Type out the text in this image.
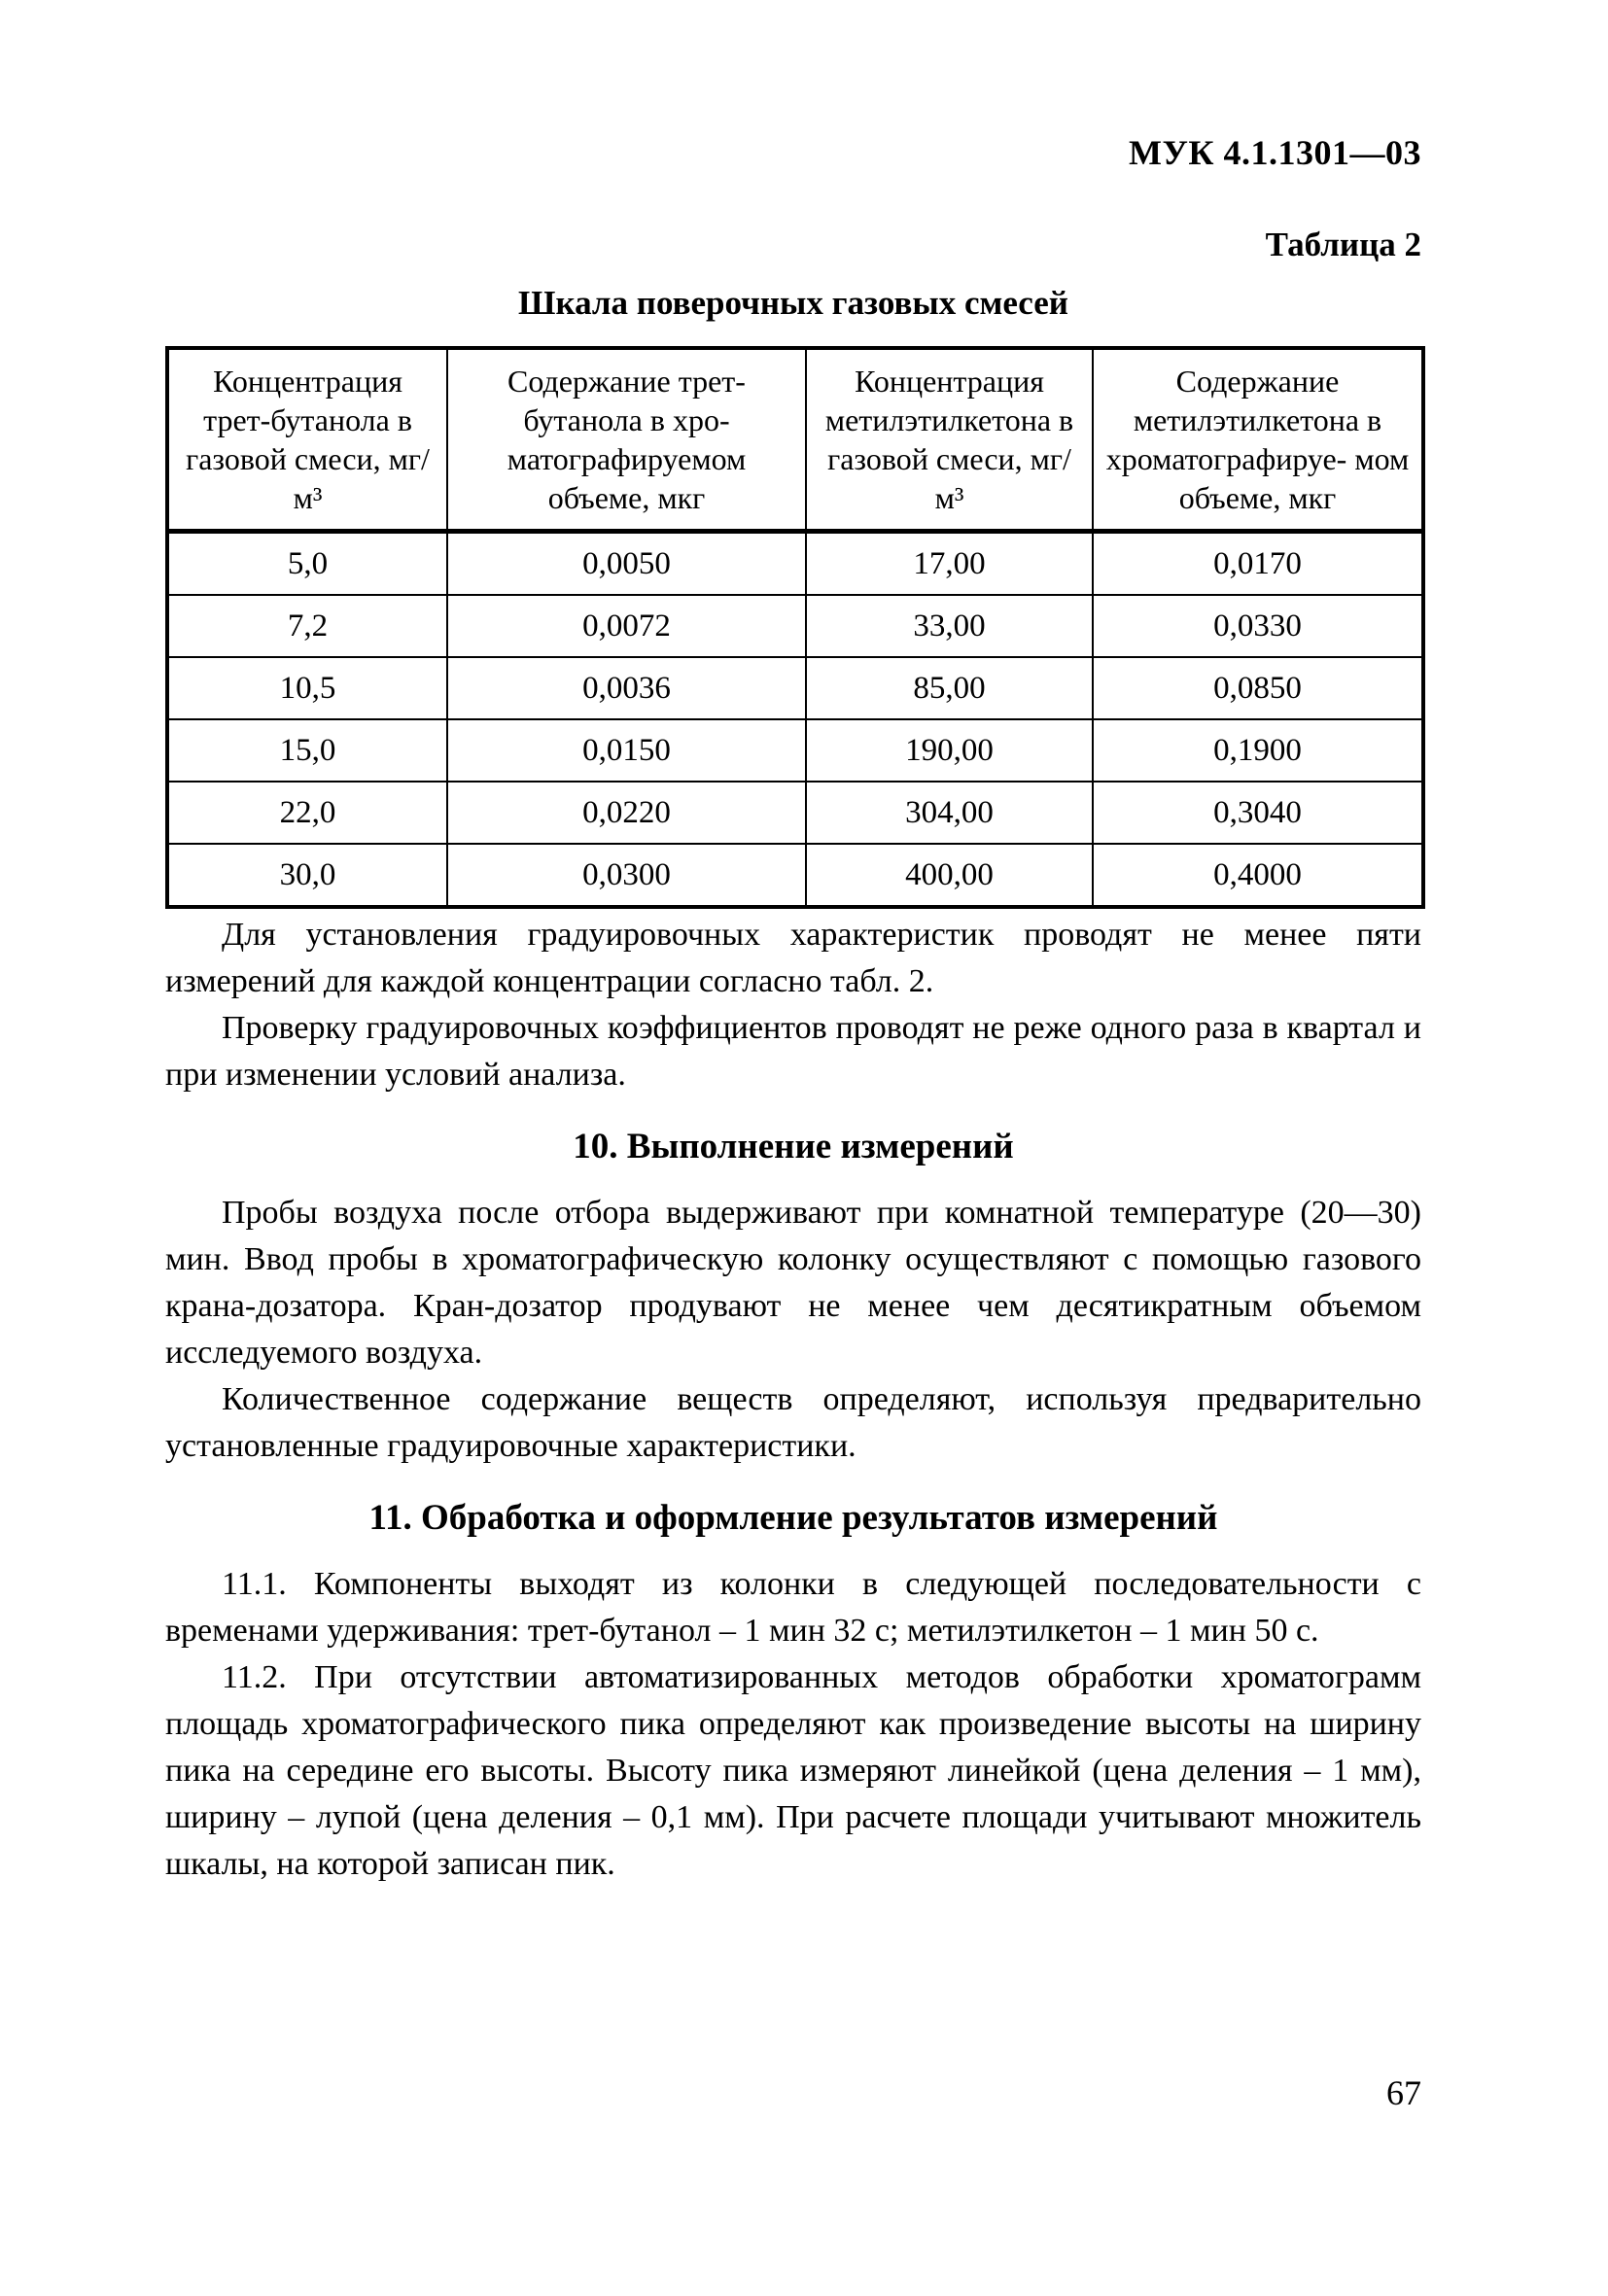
МУК 4.1.1301—03
Таблица 2
Шкала поверочных газовых смесей
Концентрация трет-бутанола в газовой смеси, мг/м³	Содержание трет-бутанола в хро- матографируемом объеме, мкг	Концентрация метилэтилкетона в газовой смеси, мг/м³	Содержание метилэтилкетона в хроматографируе- мом объеме, мкг
5,0	0,0050	17,00	0,0170
7,2	0,0072	33,00	0,0330
10,5	0,0036	85,00	0,0850
15,0	0,0150	190,00	0,1900
22,0	0,0220	304,00	0,3040
30,0	0,0300	400,00	0,4000

Для установления градуировочных характеристик проводят не менее пяти измерений для каждой концентрации согласно табл. 2.

Проверку градуировочных коэффициентов проводят не реже одного раза в квартал и при изменении условий анализа.

10. Выполнение измерений

Пробы воздуха после отбора выдерживают при комнатной температуре (20—30) мин. Ввод пробы в хроматографическую колонку осуществляют с помощью газового крана-дозатора. Кран-дозатор продувают не менее чем десятикратным объемом исследуемого воздуха.

Количественное содержание веществ определяют, используя предварительно установленные градуировочные характеристики.

11. Обработка и оформление результатов измерений

11.1. Компоненты выходят из колонки в следующей последовательности с временами удерживания: трет-бутанол – 1 мин 32 с; метилэтилкетон – 1 мин 50 с.

11.2. При отсутствии автоматизированных методов обработки хроматограмм площадь хроматографического пика определяют как произведение высоты на ширину пика на середине его высоты. Высоту пика измеряют линейкой (цена деления – 1 мм), ширину – лупой (цена деления – 0,1 мм). При расчете площади учитывают множитель шкалы, на которой записан пик.

67
